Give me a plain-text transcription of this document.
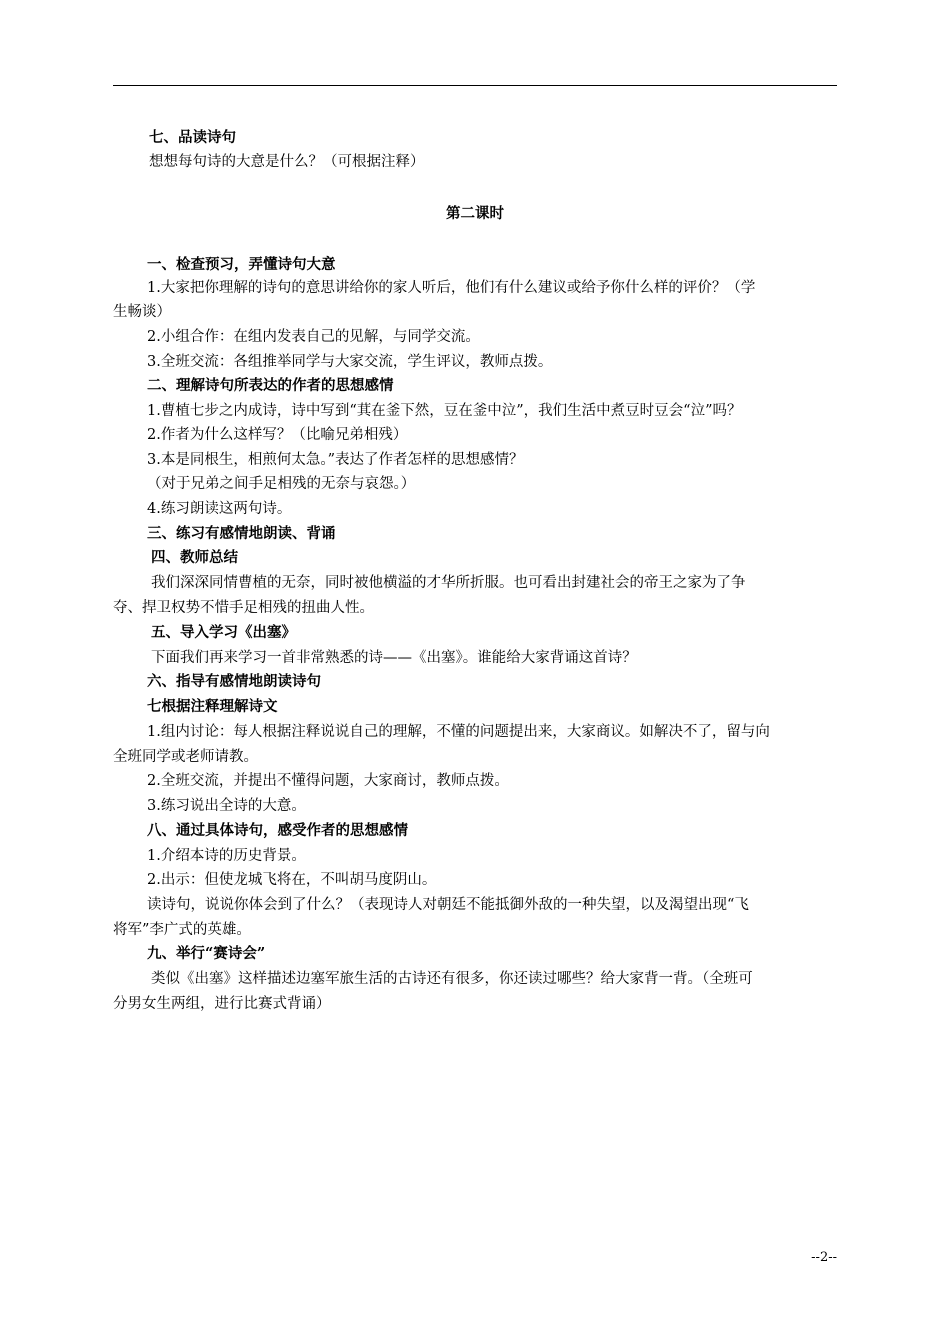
七、品读诗句
想想每句诗的大意是什么？（可根据注释）
第二课时
一、检查预习，弄懂诗句大意
1.大家把你理解的诗句的意思讲给你的家人听后，他们有什么建议或给予你什么样的评价？（学
生畅谈）
2.小组合作：在组内发表自己的见解，与同学交流。
3.全班交流：各组推举同学与大家交流，学生评议，教师点拨。
二、理解诗句所表达的作者的思想感情
1.曹植七步之内成诗，诗中写到“萁在釜下然，豆在釜中泣”，我们生活中煮豆时豆会“泣”吗？
2.作者为什么这样写？（比喻兄弟相残）
3.本是同根生，相煎何太急。”表达了作者怎样的思想感情？
（对于兄弟之间手足相残的无奈与哀怨。）
4.练习朗读这两句诗。
三、练习有感情地朗读、背诵
四、教师总结
我们深深同情曹植的无奈，同时被他横溢的才华所折服。也可看出封建社会的帝王之家为了争
夺、捍卫权势不惜手足相残的扭曲人性。
五、导入学习《出塞》
下面我们再来学习一首非常熟悉的诗——《出塞》。谁能给大家背诵这首诗？
六、指导有感情地朗读诗句
七根据注释理解诗文
1.组内讨论：每人根据注释说说自己的理解，不懂的问题提出来，大家商议。如解决不了，留与向
全班同学或老师请教。
2.全班交流，并提出不懂得问题，大家商讨，教师点拨。
3.练习说出全诗的大意。
八、通过具体诗句，感受作者的思想感情
1.介绍本诗的历史背景。
2.出示：但使龙城飞将在，不叫胡马度阴山。
读诗句，说说你体会到了什么？（表现诗人对朝廷不能抵御外敌的一种失望，以及渴望出现“飞
将军”李广式的英雄。
九、举行“赛诗会”
类似《出塞》这样描述边塞军旅生活的古诗还有很多，你还读过哪些？给大家背一背。（全班可
分男女生两组，进行比赛式背诵）
--2--
